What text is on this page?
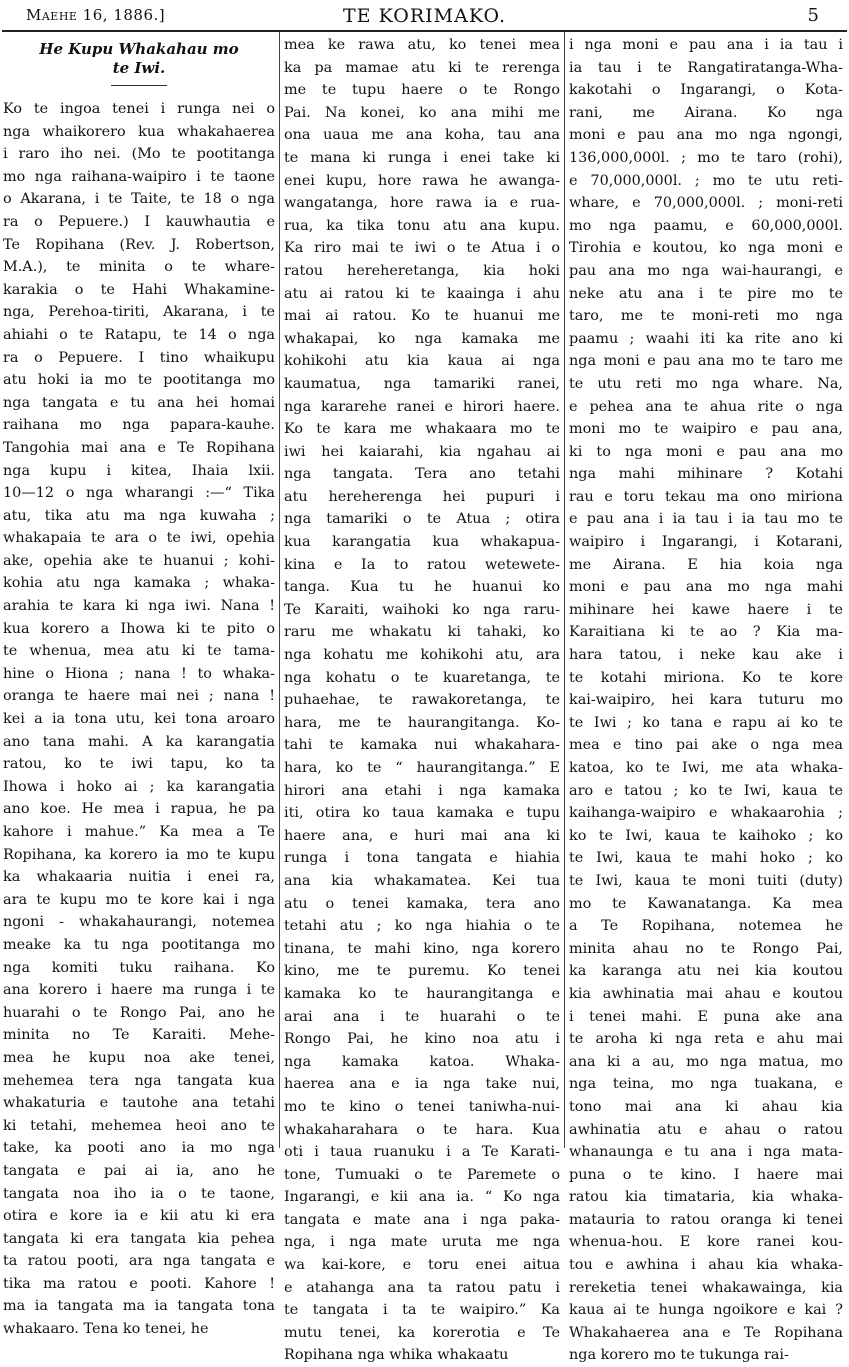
Maehe 16, 1886.]	TE KORIMAKO.	5
He Kupu Whakahau mo
te Iwi.
Ko te ingoa tenei i runga nei o
nga whaikorero kua whakahaerea
i raro iho nei. (Mo te pootitanga
mo nga raihana-waipiro i te taone
o Akarana, i te Taite, te 18 o nga
ra o Pepuere.) I kauwhautia e
Te Ropihana (Rev. J. Robertson,
M.A.), te minita o te whare-
karakia o te Hahi Whakamine-
nga, Perehoa-tiriti, Akarana, i te
ahiahi o te Ratapu, te 14 o nga
ra o Pepuere. I tino whaikupu
atu hoki ia mo te pootitanga mo
nga tangata e tu ana hei homai
raihana mo nga papara-kauhe.
Tangohia mai ana e Te Ropihana
nga kupu i kitea, Ihaia lxii.
10—12 o nga wharangi :—“ Tika
atu, tika atu ma nga kuwaha ;
whakapaia te ara o te iwi, opehia
ake, opehia ake te huanui ; kohi-
kohia atu nga kamaka ; whaka-
arahia te kara ki nga iwi. Nana !
kua korero a Ihowa ki te pito o
te whenua, mea atu ki te tama-
hine o Hiona ; nana ! to whaka-
oranga te haere mai nei ; nana !
kei a ia tona utu, kei tona aroaro
ano tana mahi. A ka karangatia
ratou, ko te iwi tapu, ko ta
Ihowa i hoko ai ; ka karangatia
ano koe. He mea i rapua, he pa
kahore i mahue.” Ka mea a Te
Ropihana, ka korero ia mo te kupu
ka whakaaria nuitia i enei ra,
ara te kupu mo te kore kai i nga
ngoni - whakahaurangi, notemea
meake ka tu nga pootitanga mo
nga komiti tuku raihana. Ko
ana korero i haere ma runga i te
huarahi o te Rongo Pai, ano he
minita no Te Karaiti. Mehe-
mea he kupu noa ake tenei,
mehemea tera nga tangata kua
whakaturia e tautohe ana tetahi
ki tetahi, mehemea heoi ano te
take, ka pooti ano ia mo nga
tangata e pai ai ia, ano he
tangata noa iho ia o te taone,
otira e kore ia e kii atu ki era
tangata ki era tangata kia pehea
ta ratou pooti, ara nga tangata e
tika ma ratou e pooti. Kahore !
ma ia tangata ma ia tangata tona
whakaaro. Tena ko tenei, he
mea ke rawa atu, ko tenei mea
ka pa mamae atu ki te rerenga
me te tupu haere o te Rongo
Pai. Na konei, ko ana mihi me
ona uaua me ana koha, tau ana
te mana ki runga i enei take ki
enei kupu, hore rawa he awanga-
wangatanga, hore rawa ia e rua-
rua, ka tika tonu atu ana kupu.
Ka riro mai te iwi o te Atua i o
ratou hereheretanga, kia hoki
atu ai ratou ki te kaainga i ahu
mai ai ratou. Ko te huanui me
whakapai, ko nga kamaka me
kohikohi atu kia kaua ai nga
kaumatua, nga tamariki ranei,
nga kararehe ranei e hirori haere.
Ko te kara me whakaara mo te
iwi hei kaiarahi, kia ngahau ai
nga tangata. Tera ano tetahi
atu hereherenga hei pupuri i
nga tamariki o te Atua ; otira
kua karangatia kua whakapua-
kina e Ia to ratou wetewete-
tanga. Kua tu he huanui ko
Te Karaiti, waihoki ko nga raru-
raru me whakatu ki tahaki, ko
nga kohatu me kohikohi atu, ara
nga kohatu o te kuaretanga, te
puhaehae, te rawakoretanga, te
hara, me te haurangitanga. Ko-
tahi te kamaka nui whakahara-
hara, ko te “ haurangitanga.” E
hirori ana etahi i nga kamaka
iti, otira ko taua kamaka e tupu
haere ana, e huri mai ana ki
runga i tona tangata e hiahia
ana kia whakamatea. Kei tua
atu o tenei kamaka, tera ano
tetahi atu ; ko nga hiahia o te
tinana, te mahi kino, nga korero
kino, me te puremu. Ko tenei
kamaka ko te haurangitanga e
arai ana i te huarahi o te
Rongo Pai, he kino noa atu i
nga kamaka katoa. Whaka-
haerea ana e ia nga take nui,
mo te kino o tenei taniwha-nui-
whakaharahara o te hara. Kua
oti i taua ruanuku i a Te Karati-
tone, Tumuaki o te Paremete o
Ingarangi, e kii ana ia. “ Ko nga
tangata e mate ana i nga paka-
nga, i nga mate uruta me nga
wa kai-kore, e toru enei aitua
e atahanga ana ta ratou patu i
te tangata i ta te waipiro.” Ka
mutu tenei, ka korerotia e Te
Ropihana nga whika whakaatu
i nga moni e pau ana i ia tau i
ia tau i te Rangatiratanga-Wha-
kakotahi o Ingarangi, o Kota-
rani, me Airana. Ko nga
moni e pau ana mo nga ngongi,
136,000,000l. ; mo te taro (rohi),
e 70,000,000l. ; mo te utu reti-
whare, e 70,000,000l. ; moni-reti
mo nga paamu, e 60,000,000l.
Tirohia e koutou, ko nga moni e
pau ana mo nga wai-haurangi, e
neke atu ana i te pire mo te
taro, me te moni-reti mo nga
paamu ; waahi iti ka rite ano ki
nga moni e pau ana mo te taro me
te utu reti mo nga whare. Na,
e pehea ana te ahua rite o nga
moni mo te waipiro e pau ana,
ki to nga moni e pau ana mo
nga mahi mihinare ? Kotahi
rau e toru tekau ma ono miriona
e pau ana i ia tau i ia tau mo te
waipiro i Ingarangi, i Kotarani,
me Airana. E hia koia nga
moni e pau ana mo nga mahi
mihinare hei kawe haere i te
Karaitiana ki te ao ? Kia ma-
hara tatou, i neke kau ake i
te kotahi miriona. Ko te kore
kai-waipiro, hei kara tuturu mo
te Iwi ; ko tana e rapu ai ko te
mea e tino pai ake o nga mea
katoa, ko te Iwi, me ata whaka-
aro e tatou ; ko te Iwi, kaua te
kaihanga-waipiro e whakaarohia ;
ko te Iwi, kaua te kaihoko ; ko
te Iwi, kaua te mahi hoko ; ko
te Iwi, kaua te moni tuiti (duty)
mo te Kawanatanga. Ka mea
a Te Ropihana, notemea he
minita ahau no te Rongo Pai,
ka karanga atu nei kia koutou
kia awhinatia mai ahau e koutou
i tenei mahi. E puna ake ana
te aroha ki nga reta e ahu mai
ana ki a au, mo nga matua, mo
nga teina, mo nga tuakana, e
tono mai ana ki ahau kia
awhinatia atu e ahau o ratou
whanaunga e tu ana i nga mata-
puna o te kino. I haere mai
ratou kia timataria, kia whaka-
matauria to ratou oranga ki tenei
whenua-hou. E kore ranei kou-
tou e awhina i ahau kia whaka-
rereketia tenei whakawainga, kia
kaua ai te hunga ngoikore e kai ?
Whakahaerea ana e Te Ropihana
nga korero mo te tukunga rai-
